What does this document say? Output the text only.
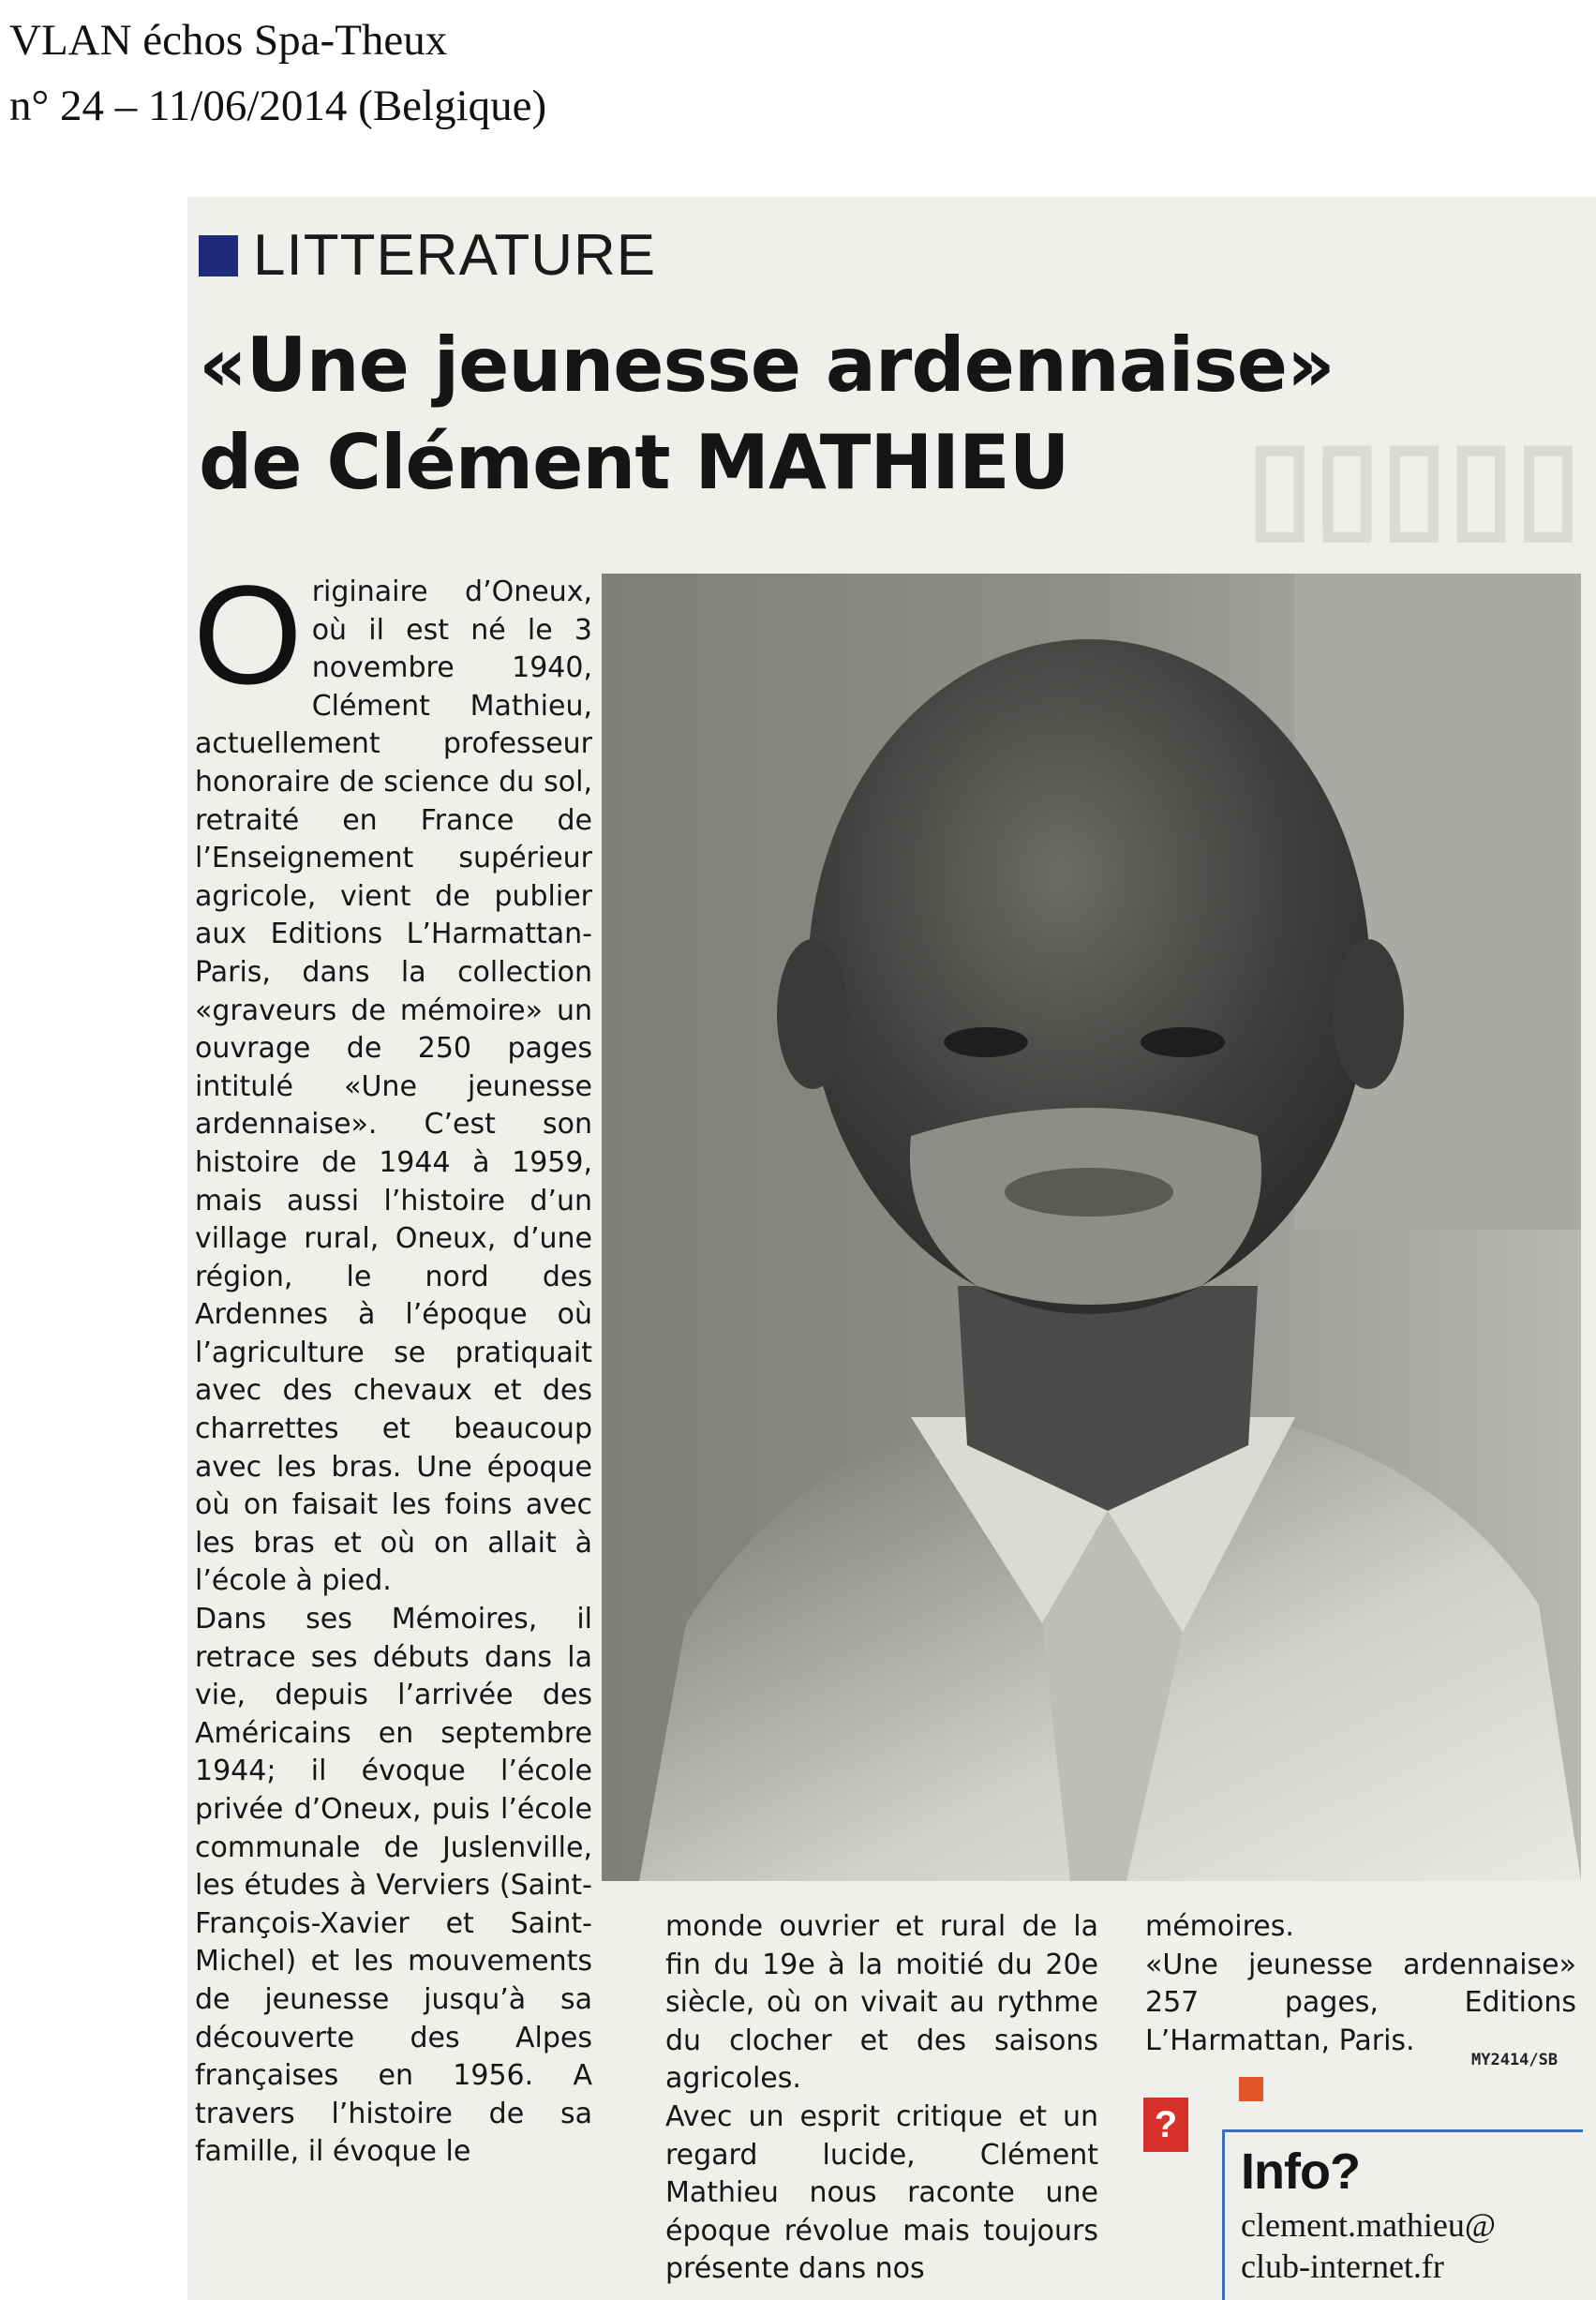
VLAN échos Spa-Theux
n° 24 – 11/06/2014 (Belgique)
▯▯▯▯▯
LITTERATURE
«Une jeunesse ardennaise»
de Clément MATHIEU
O riginaire d’Oneux, où il est né le 3 novembre 1940, Clément Mathieu, actuellement professeur honoraire de science du sol, retraité en France de l’Enseignement supérieur agricole, vient de publier aux Editions L’Harmattan-Paris, dans la collection «graveurs de mémoire» un ouvrage de 250 pages intitulé «Une jeunesse ardennaise». C’est son histoire de 1944 à 1959, mais aussi l’histoire d’un village rural, Oneux, d’une région, le nord des Ardennes à l’époque où l’agriculture se pratiquait avec des chevaux et des charrettes et beaucoup avec les bras. Une époque où on faisait les foins avec les bras et où on allait à l’école à pied.
Dans ses Mémoires, il retrace ses débuts dans la vie, depuis l’arrivée des Américains en septembre 1944; il évoque l’école privée d’Oneux, puis l’école communale de Juslenville, les études à Verviers (Saint-François-Xavier et Saint-Michel) et les mouvements de jeunesse jusqu’à sa découverte des Alpes françaises en 1956. A travers l’histoire de sa famille, il évoque le
monde ouvrier et rural de la fin du 19e à la moitié du 20e siècle, où on vivait au rythme du clocher et des saisons agricoles.
Avec un esprit critique et un regard lucide, Clément Mathieu nous raconte une époque révolue mais toujours présente dans nos
mémoires.
«Une jeunesse ardennaise» 257 pages, Editions L’Harmattan, Paris.
MY2414/SB
?
Info?
clement.mathieu@
club-internet.fr
